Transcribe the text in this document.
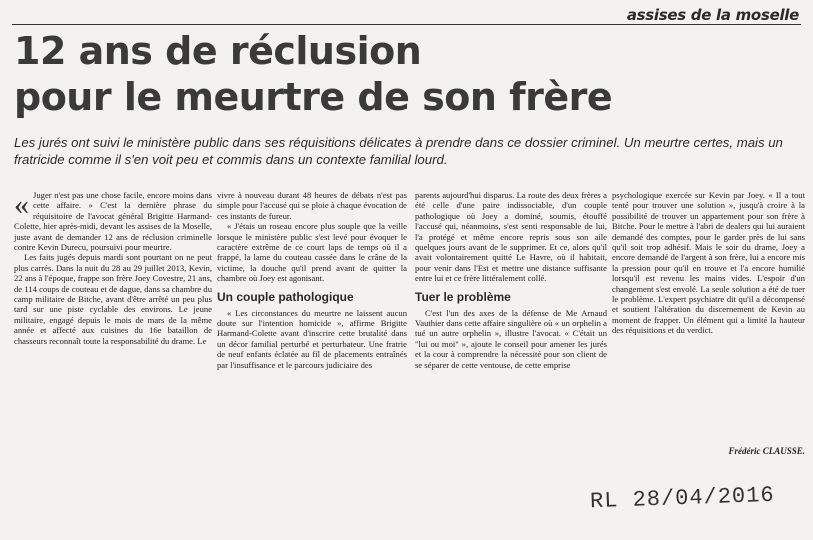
assises de la moselle
12 ans de réclusion
pour le meurtre de son frère

Les jurés ont suivi le ministère public dans ses réquisitions délicates à prendre dans ce dossier criminel. Un meurtre certes, mais un fratricide comme il s'en voit peu et commis dans un contexte familial lourd.

« Juger n'est pas une chose facile, encore moins dans cette affaire. » C'est la dernière phrase du réquisitoire de l'avocat général Brigitte Harmand-Colette, hier après-midi, devant les assises de la Moselle, juste avant de demander 12 ans de réclusion criminelle contre Kevin Durecu, poursuivi pour meurtre.

Les faits jugés depuis mardi sont pourtant on ne peut plus carrés. Dans la nuit du 28 au 29 juillet 2013, Kevin, 22 ans à l'époque, frappe son frère Joey Covestre, 21 ans, de 114 coups de couteau et de dague, dans sa chambre du camp militaire de Bitche, avant d'être arrêté un peu plus tard sur une piste cyclable des environs. Le jeune militaire, engagé depuis le mois de mars de la même année et affecté aux cuisines du 16e bataillon de chasseurs reconnaît toute la responsabilité du drame. Le

vivre à nouveau durant 48 heures de débats n'est pas simple pour l'accusé qui se ploie à chaque évocation de ces instants de fureur.

« J'étais un roseau encore plus souple que la veille lorsque le ministère public s'est levé pour évoquer le caractère extrême de ce court laps de temps où il a frappé, la lame du couteau cassée dans le crâne de la victime, la douche qu'il prend avant de quitter la chambre où Joey est agonisant.

Un couple pathologique

« Les circonstances du meurtre ne laissent aucun doute sur l'intention homicide », affirme Brigitte Harmand-Colette avant d'inscrire cette brutalité dans un décor familial perturbé et perturbateur. Une fratrie de neuf enfants éclatée au fil de placements entraînés par l'insuffisance et le parcours judiciaire des

parents aujourd'hui disparus. La route des deux frères a été celle d'une paire indissociable, d'un couple pathologique où Joey a dominé, soumis, étouffé l'accusé qui, néanmoins, s'est senti responsable de lui, l'a protégé et même encore repris sous son aile quelques jours avant de le supprimer. Et ce, alors qu'il avait volontairement quitté Le Havre, où il habitait, pour venir dans l'Est et mettre une distance suffisante entre lui et ce frère littéralement collé.

Tuer le problème

C'est l'un des axes de la défense de Me Arnaud Vauthier dans cette affaire singulière où « un orphelin a tué un autre orphelin », illustre l'avocat. « C'était un "lui ou moi" », ajoute le conseil pour amener les jurés et la cour à comprendre la nécessité pour son client de se séparer de cette ventouse, de cette emprise

psychologique exercée sur Kevin par Joey. « Il a tout tenté pour trouver une solution », jusqu'à croire à la possibilité de trouver un appartement pour son frère à Bitche. Pour le mettre à l'abri de dealers qui lui auraient demandé des comptes, pour le garder près de lui sans qu'il soit trop adhésif. Mais le soir du drame, Joey a encore demandé de l'argent à son frère, lui a encore mis la pression pour qu'il en trouve et l'a encore humilié lorsqu'il est revenu les mains vides. L'espoir d'un changement s'est envolé. La seule solution a été de tuer le problème. L'expert psychiatre dit qu'il a décompensé et soutient l'altération du discernement de Kevin au moment de frapper. Un élément qui a limité la hauteur des réquisitions et du verdict.

Frédéric CLAUSSE.
RL 28/04/2016
